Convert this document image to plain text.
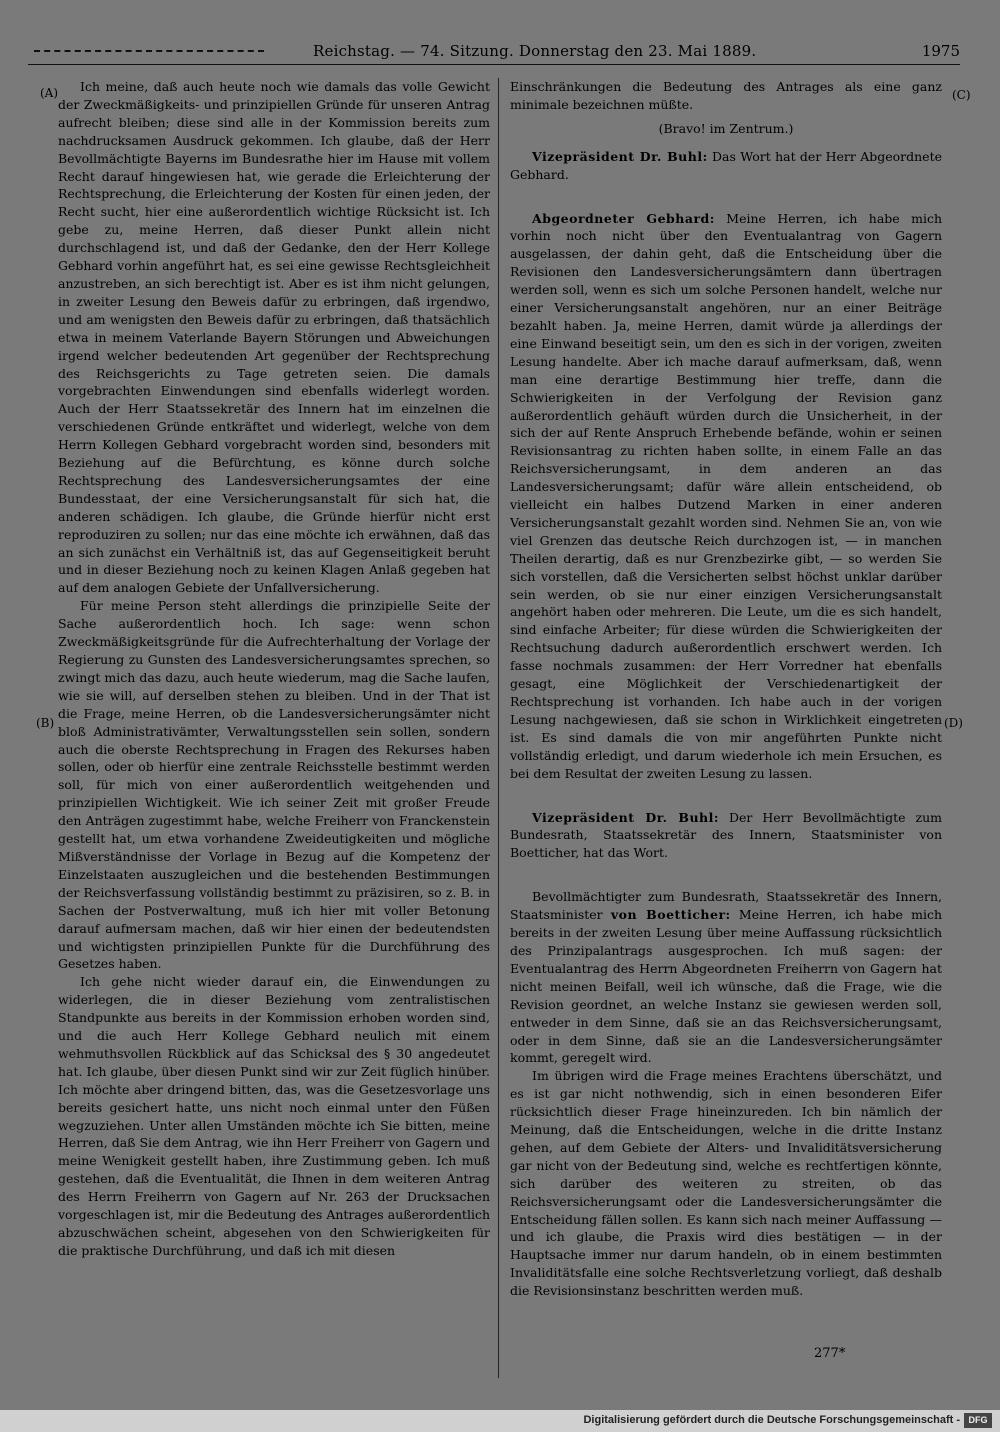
Reichstag. — 74. Sitzung. Donnerstag den 23. Mai 1889.	1975
(A)
(B)
(C)
(D)

Ich meine, daß auch heute noch wie damals das volle Gewicht der Zweckmäßigkeits- und prinzipiellen Gründe für unseren Antrag aufrecht bleiben; diese sind alle in der Kommission bereits zum nachdrucksamen Ausdruck gekommen. Ich glaube, daß der Herr Bevollmächtigte Bayerns im Bundesrathe hier im Hause mit vollem Recht darauf hingewiesen hat, wie gerade die Erleichterung der Rechtsprechung, die Erleichterung der Kosten für einen jeden, der Recht sucht, hier eine außerordentlich wichtige Rücksicht ist. Ich gebe zu, meine Herren, daß dieser Punkt allein nicht durchschlagend ist, und daß der Gedanke, den der Herr Kollege Gebhard vorhin angeführt hat, es sei eine gewisse Rechtsgleichheit anzustreben, an sich berechtigt ist. Aber es ist ihm nicht gelungen, in zweiter Lesung den Beweis dafür zu erbringen, daß irgendwo, und am wenigsten den Beweis dafür zu erbringen, daß thatsächlich etwa in meinem Vaterlande Bayern Störungen und Abweichungen irgend welcher bedeutenden Art gegenüber der Rechtsprechung des Reichsgerichts zu Tage getreten seien. Die damals vorgebrachten Einwendungen sind ebenfalls widerlegt worden. Auch der Herr Staatssekretär des Innern hat im einzelnen die verschiedenen Gründe entkräftet und widerlegt, welche von dem Herrn Kollegen Gebhard vorgebracht worden sind, besonders mit Beziehung auf die Befürchtung, es könne durch solche Rechtsprechung des Landesversicherungsamtes der eine Bundesstaat, der eine Versicherungsanstalt für sich hat, die anderen schädigen. Ich glaube, die Gründe hierfür nicht erst reproduziren zu sollen; nur das eine möchte ich erwähnen, daß das an sich zunächst ein Verhältniß ist, das auf Gegenseitigkeit beruht und in dieser Beziehung noch zu keinen Klagen Anlaß gegeben hat auf dem analogen Gebiete der Unfallversicherung.

Für meine Person steht allerdings die prinzipielle Seite der Sache außerordentlich hoch. Ich sage: wenn schon Zweckmäßigkeitsgründe für die Aufrechterhaltung der Vorlage der Regierung zu Gunsten des Landesversicherungsamtes sprechen, so zwingt mich das dazu, auch heute wiederum, mag die Sache laufen, wie sie will, auf derselben stehen zu bleiben. Und in der That ist die Frage, meine Herren, ob die Landesversicherungsämter nicht bloß Administrativämter, Verwaltungsstellen sein sollen, sondern auch die oberste Rechtsprechung in Fragen des Rekurses haben sollen, oder ob hierfür eine zentrale Reichsstelle bestimmt werden soll, für mich von einer außerordentlich weitgehenden und prinzipiellen Wichtigkeit. Wie ich seiner Zeit mit großer Freude den Anträgen zugestimmt habe, welche Freiherr von Franckenstein gestellt hat, um etwa vorhandene Zweideutigkeiten und mögliche Mißverständnisse der Vorlage in Bezug auf die Kompetenz der Einzelstaaten auszugleichen und die bestehenden Bestimmungen der Reichsverfassung vollständig bestimmt zu präzisiren, so z. B. in Sachen der Postverwaltung, muß ich hier mit voller Betonung darauf aufmersam machen, daß wir hier einen der bedeutendsten und wichtigsten prinzipiellen Punkte für die Durchführung des Gesetzes haben.

Ich gehe nicht wieder darauf ein, die Einwendungen zu widerlegen, die in dieser Beziehung vom zentralistischen Standpunkte aus bereits in der Kommission erhoben worden sind, und die auch Herr Kollege Gebhard neulich mit einem wehmuthsvollen Rückblick auf das Schicksal des § 30 angedeutet hat. Ich glaube, über diesen Punkt sind wir zur Zeit füglich hinüber. Ich möchte aber dringend bitten, das, was die Gesetzesvorlage uns bereits gesichert hatte, uns nicht noch einmal unter den Füßen wegzuziehen. Unter allen Umständen möchte ich Sie bitten, meine Herren, daß Sie dem Antrag, wie ihn Herr Freiherr von Gagern und meine Wenigkeit gestellt haben, ihre Zustimmung geben. Ich muß gestehen, daß die Eventualität, die Ihnen in dem weiteren Antrag des Herrn Freiherrn von Gagern auf Nr. 263 der Drucksachen vorgeschlagen ist, mir die Bedeutung des Antrages außerordentlich abzuschwächen scheint, abgesehen von den Schwierigkeiten für die praktische Durchführung, und daß ich mit diesen

Einschränkungen die Bedeutung des Antrages als eine ganz minimale bezeichnen müßte.

(Bravo! im Zentrum.)

Vizepräsident Dr. Buhl: Das Wort hat der Herr Abgeordnete Gebhard.

Abgeordneter Gebhard: Meine Herren, ich habe mich vorhin noch nicht über den Eventualantrag von Gagern ausgelassen, der dahin geht, daß die Entscheidung über die Revisionen den Landesversicherungsämtern dann übertragen werden soll, wenn es sich um solche Personen handelt, welche nur einer Versicherungsanstalt angehören, nur an einer Beiträge bezahlt haben. Ja, meine Herren, damit würde ja allerdings der eine Einwand beseitigt sein, um den es sich in der vorigen, zweiten Lesung handelte. Aber ich mache darauf aufmerksam, daß, wenn man eine derartige Bestimmung hier treffe, dann die Schwierigkeiten in der Verfolgung der Revision ganz außerordentlich gehäuft würden durch die Unsicherheit, in der sich der auf Rente Anspruch Erhebende befände, wohin er seinen Revisionsantrag zu richten haben sollte, in einem Falle an das Reichsversicherungsamt, in dem anderen an das Landesversicherungsamt; dafür wäre allein entscheidend, ob vielleicht ein halbes Dutzend Marken in einer anderen Versicherungsanstalt gezahlt worden sind. Nehmen Sie an, von wie viel Grenzen das deutsche Reich durchzogen ist, — in manchen Theilen derartig, daß es nur Grenzbezirke gibt, — so werden Sie sich vorstellen, daß die Versicherten selbst höchst unklar darüber sein werden, ob sie nur einer einzigen Versicherungsanstalt angehört haben oder mehreren. Die Leute, um die es sich handelt, sind einfache Arbeiter; für diese würden die Schwierigkeiten der Rechtsuchung dadurch außerordentlich erschwert werden. Ich fasse nochmals zusammen: der Herr Vorredner hat ebenfalls gesagt, eine Möglichkeit der Verschiedenartigkeit der Rechtsprechung ist vorhanden. Ich habe auch in der vorigen Lesung nachgewiesen, daß sie schon in Wirklichkeit eingetreten ist. Es sind damals die von mir angeführten Punkte nicht vollständig erledigt, und darum wiederhole ich mein Ersuchen, es bei dem Resultat der zweiten Lesung zu lassen.

Vizepräsident Dr. Buhl: Der Herr Bevollmächtigte zum Bundesrath, Staatssekretär des Innern, Staatsminister von Boetticher, hat das Wort.

Bevollmächtigter zum Bundesrath, Staatssekretär des Innern, Staatsminister von Boetticher: Meine Herren, ich habe mich bereits in der zweiten Lesung über meine Auffassung rücksichtlich des Prinzipalantrags ausgesprochen. Ich muß sagen: der Eventualantrag des Herrn Abgeordneten Freiherrn von Gagern hat nicht meinen Beifall, weil ich wünsche, daß die Frage, wie die Revision geordnet, an welche Instanz sie gewiesen werden soll, entweder in dem Sinne, daß sie an das Reichsversicherungsamt, oder in dem Sinne, daß sie an die Landesversicherungsämter kommt, geregelt wird.

Im übrigen wird die Frage meines Erachtens überschätzt, und es ist gar nicht nothwendig, sich in einen besonderen Eifer rücksichtlich dieser Frage hineinzureden. Ich bin nämlich der Meinung, daß die Entscheidungen, welche in die dritte Instanz gehen, auf dem Gebiete der Alters- und Invaliditätsversicherung gar nicht von der Bedeutung sind, welche es rechtfertigen könnte, sich darüber des weiteren zu streiten, ob das Reichsversicherungsamt oder die Landesversicherungsämter die Entscheidung fällen sollen. Es kann sich nach meiner Auffassung — und ich glaube, die Praxis wird dies bestätigen — in der Hauptsache immer nur darum handeln, ob in einem bestimmten Invaliditätsfalle eine solche Rechtsverletzung vorliegt, daß deshalb die Revisionsinstanz beschritten werden muß.

277*
Digitalisierung gefördert durch die Deutsche Forschungsgemeinschaft - DFG
